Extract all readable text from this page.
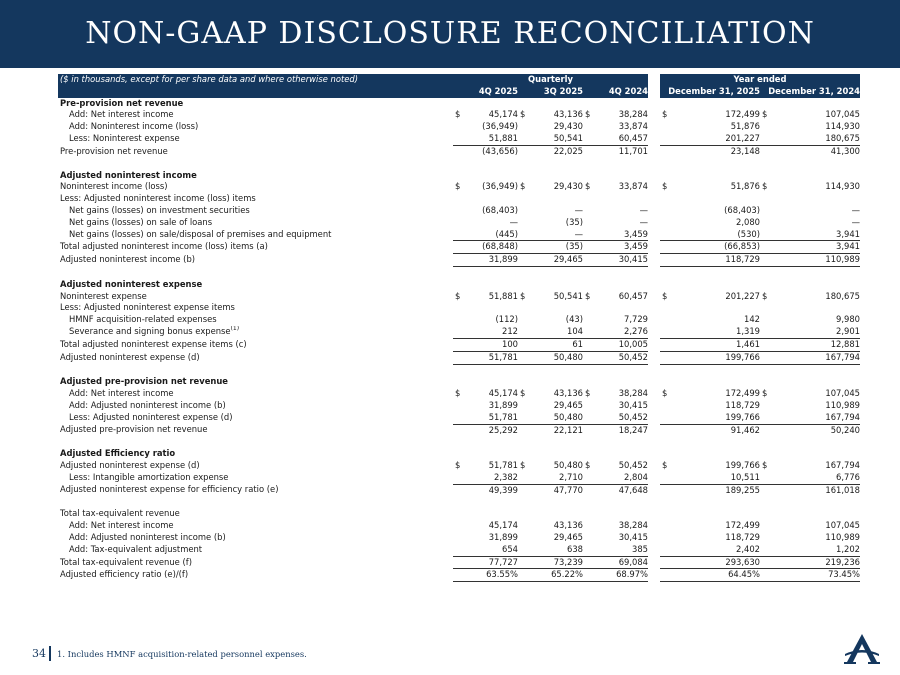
NON-GAAP DISCLOSURE RECONCILIATION
($ in thousands, except for per share data and where otherwise noted)	Quarterly							Year ended			
	4Q 2025		3Q 2025		4Q 2024			December 31, 2025		December 31, 2024	
Pre-provision net revenue											
Add: Net interest income	$	45,174	$	43,136	$	38,284		$	172,499	$	107,045
Add: Noninterest income (loss)		(36,949)		29,430		33,874			51,876		114,930
Less: Noninterest expense		51,881		50,541		60,457			201,227		180,675
Pre-provision net revenue		(43,656)		22,025		11,701			23,148		41,300

Adjusted noninterest income											
Noninterest income (loss)	$	(36,949)	$	29,430	$	33,874		$	51,876	$	114,930
Less: Adjusted noninterest income (loss) items											
Net gains (losses) on investment securities		(68,403)		—		—			(68,403)		—
Net gains (losses) on sale of loans		—		(35)		—			2,080		—
Net gains (losses) on sale/disposal of premises and equipment		(445)		—		3,459			(530)		3,941
Total adjusted noninterest income (loss) items (a)		(68,848)		(35)		3,459			(66,853)		3,941
Adjusted noninterest income (b)		31,899		29,465		30,415			118,729		110,989

Adjusted noninterest expense											
Noninterest expense	$	51,881	$	50,541	$	60,457		$	201,227	$	180,675
Less: Adjusted noninterest expense items											
HMNF acquisition-related expenses		(112)		(43)		7,729			142		9,980
Severance and signing bonus expense$^{(1)}$		212		104		2,276			1,319		2,901
Total adjusted noninterest expense items (c)		100		61		10,005			1,461		12,881
Adjusted noninterest expense (d)		51,781		50,480		50,452			199,766		167,794

Adjusted pre-provision net revenue											
Add: Net interest income	$	45,174	$	43,136	$	38,284		$	172,499	$	107,045
Add: Adjusted noninterest income (b)		31,899		29,465		30,415			118,729		110,989
Less: Adjusted noninterest expense (d)		51,781		50,480		50,452			199,766		167,794
Adjusted pre-provision net revenue		25,292		22,121		18,247			91,462		50,240

Adjusted Efficiency ratio											
Adjusted noninterest expense (d)	$	51,781	$	50,480	$	50,452		$	199,766	$	167,794
Less: Intangible amortization expense		2,382		2,710		2,804			10,511		6,776
Adjusted noninterest expense for efficiency ratio (e)		49,399		47,770		47,648			189,255		161,018

Total tax-equivalent revenue											
Add: Net interest income		45,174		43,136		38,284			172,499		107,045
Add: Adjusted noninterest income (b)		31,899		29,465		30,415			118,729		110,989
Add: Tax-equivalent adjustment		654		638		385			2,402		1,202
Total tax-equivalent revenue (f)		77,727		73,239		69,084			293,630		219,236
Adjusted efficiency ratio (e)/(f)		63.55%		65.22%		68.97%			64.45%		73.45%
34 1. Includes HMNF acquisition-related personnel expenses.
